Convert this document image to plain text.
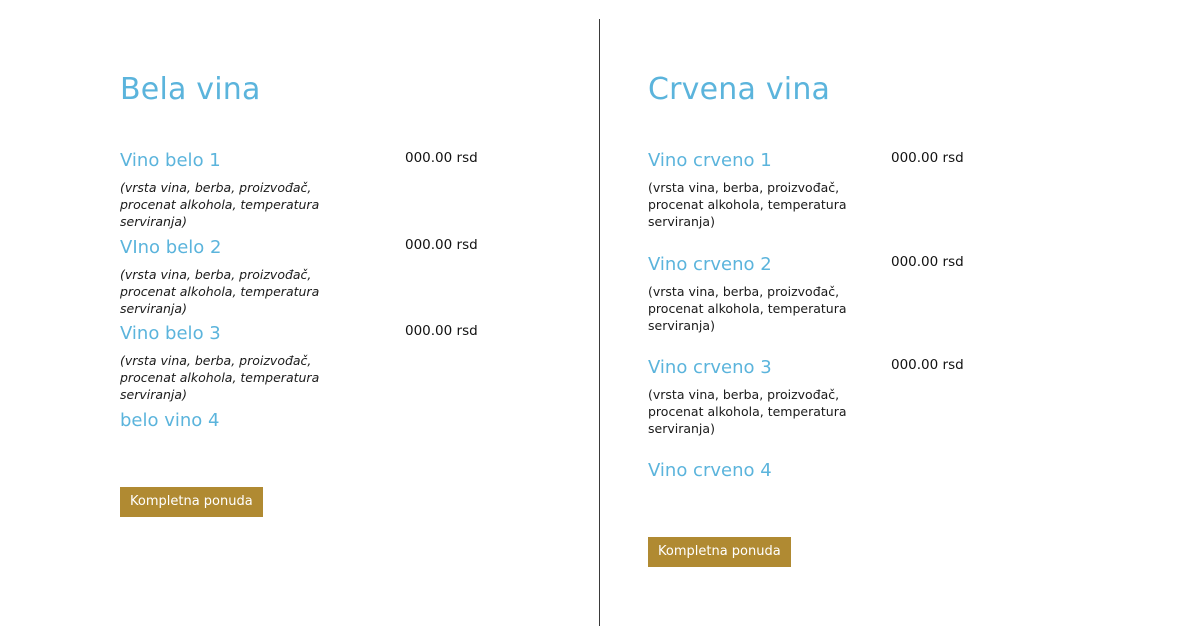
Bela vina
Vino belo 1	000.00 rsd
(vrsta vina, berba, proizvođač, procenat alkohola, temperatura serviranja)
VIno belo 2	000.00 rsd
(vrsta vina, berba, proizvođač, procenat alkohola, temperatura serviranja)
Vino belo 3	000.00 rsd
(vrsta vina, berba, proizvođač, procenat alkohola, temperatura serviranja)
belo vino 4
Kompletna ponuda
Crvena vina
Vino crveno 1	000.00 rsd
(vrsta vina, berba, proizvođač, procenat alkohola, temperatura serviranja)
Vino crveno 2	000.00 rsd
(vrsta vina, berba, proizvođač, procenat alkohola, temperatura serviranja)
Vino crveno 3	000.00 rsd
(vrsta vina, berba, proizvođač, procenat alkohola, temperatura serviranja)
Vino crveno 4
Kompletna ponuda
